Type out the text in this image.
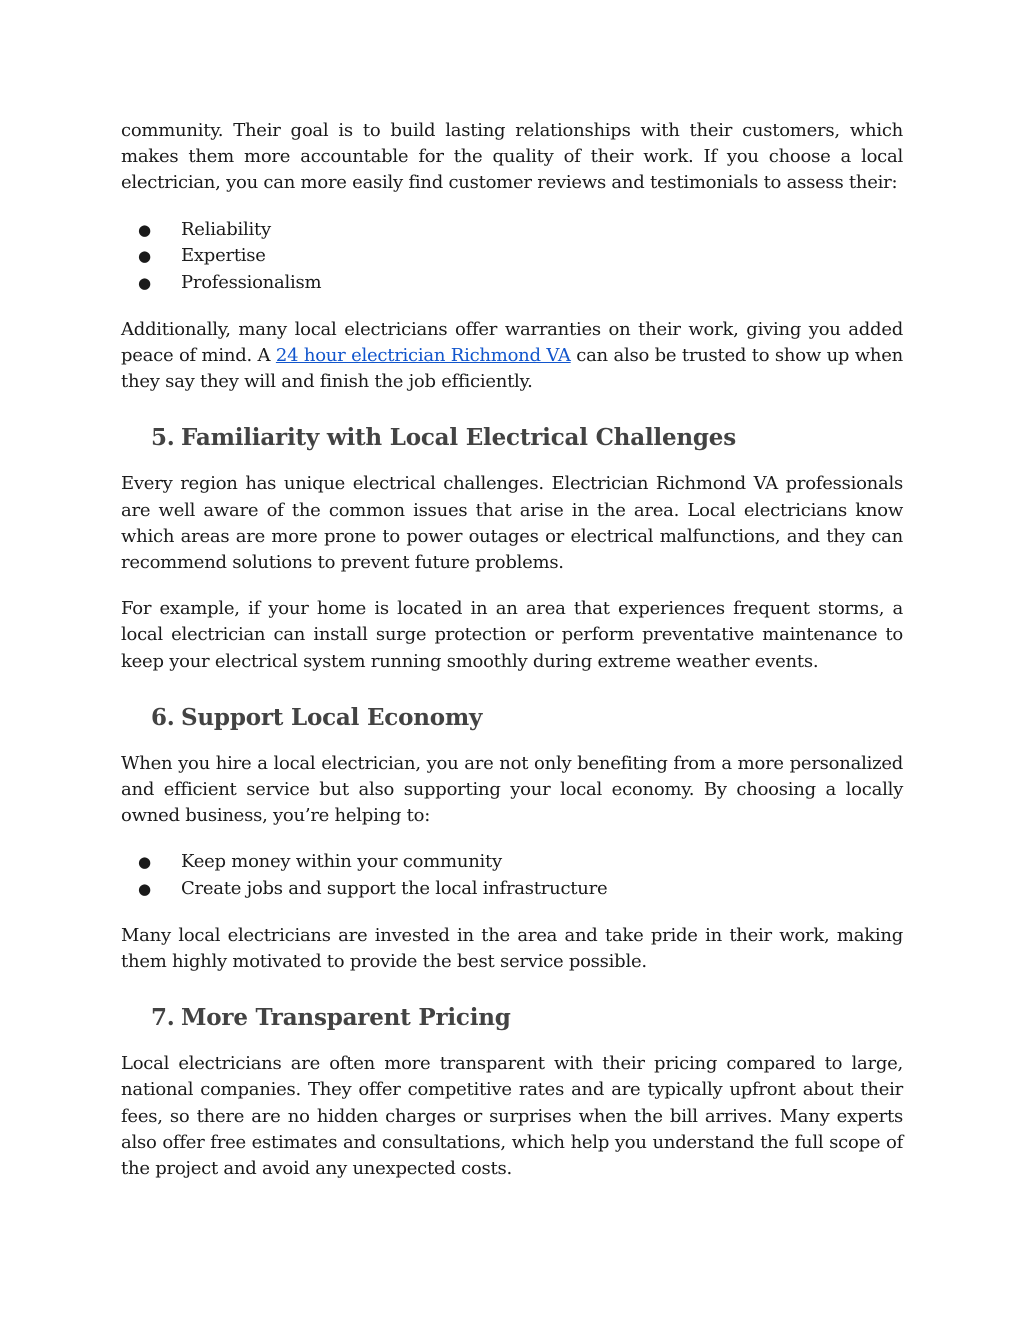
community. Their goal is to build lasting relationships with their customers, which makes them more accountable for the quality of their work. If you choose a local electrician, you can more easily find customer reviews and testimonials to assess their:

● Reliability
● Expertise
● Professionalism

Additionally, many local electricians offer warranties on their work, giving you added peace of mind. A 24 hour electrician Richmond VA can also be trusted to show up when they say they will and finish the job efficiently.

5. Familiarity with Local Electrical Challenges

Every region has unique electrical challenges. Electrician Richmond VA professionals are well aware of the common issues that arise in the area. Local electricians know which areas are more prone to power outages or electrical malfunctions, and they can recommend solutions to prevent future problems.

For example, if your home is located in an area that experiences frequent storms, a local electrician can install surge protection or perform preventative maintenance to keep your electrical system running smoothly during extreme weather events.

6. Support Local Economy

When you hire a local electrician, you are not only benefiting from a more personalized and efficient service but also supporting your local economy. By choosing a locally owned business, you’re helping to:

● Keep money within your community
● Create jobs and support the local infrastructure

Many local electricians are invested in the area and take pride in their work, making them highly motivated to provide the best service possible.

7. More Transparent Pricing

Local electricians are often more transparent with their pricing compared to large, national companies. They offer competitive rates and are typically upfront about their fees, so there are no hidden charges or surprises when the bill arrives. Many experts also offer free estimates and consultations, which help you understand the full scope of the project and avoid any unexpected costs.
